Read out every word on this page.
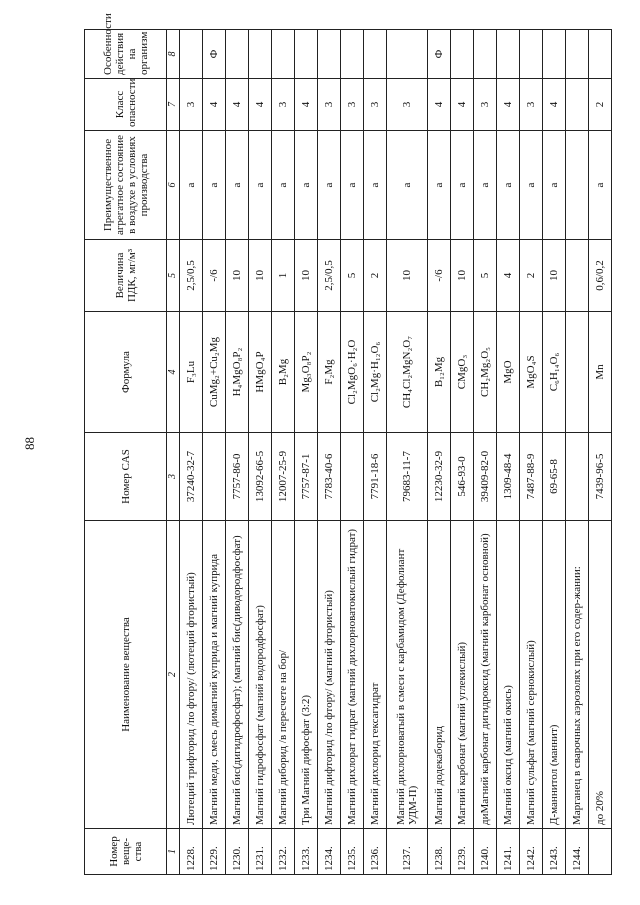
88
Номер веще-ства	Наименование вещества	Номер CAS	Формула	Величина ПДК, мг/м³	Преимущественное агрегатное состояние в воздухе в условиях производства	Класс опасности	Особенности действия на организм
1	2	3	4	5	6	7	8
1228.	Лютеций трифторид /по фтору/ (лютеций фтористый)	37240-32-7	F₃Lu	2,5/0,5	а	3	
1229.	Магний меди, смесь димагний куприда и магний куприда		CuMg₂+Cu₂Mg	-/6	а	4	Ф
1230.	Магний бис(дигидрофосфат); (магний бис(диводородфосфат)	7757-86-0	H₄MgO₈P₂	10	а	4	
1231.	Магний гидрофосфат (магний водородфосфат)	13092-66-5	HMgO₄P	10	а	4	
1232.	Магний диборид /в пересчете на бор/	12007-25-9	B₂Mg	1	а	3	
1233.	Три Магний дифосфат (3:2)	7757-87-1	Mg₃O₈P₂	10	а	4	
1234.	Магний дифторид /по фтору/ (магний фтористый)	7783-40-6	F₂Mg	2,5/0,5	а	3	
1235.	Магний дихлорат гидрат (магний дихлорноватокислый гидрат)		Cl₂MgO₆·H₂O	5	а	3	
1236.	Магний дихлорид гексагидрат	7791-18-6	Cl₂Mg·H₁₂O₆	2	а	3	
1237.	Магний дихлорноватый в смеси с карбамидом (Дефолиант УДМ-П)	79683-11-7	CH₄Cl₂MgN₂O₇	10	а	3	
1238.	Магний додекаборид	12230-32-9	B₁₂Mg	-/6	а	4	Ф
1239.	Магний карбонат (магний углекислый)	546-93-0	CMgO₃	10	а	4	
1240.	диМагний карбонат дигидроксид (магний карбонат основной)	39409-82-0	CH₂Mg₂O₅	5	а	3	
1241.	Магний оксид (магний окись)	1309-48-4	MgO	4	а	4	
1242.	Магний сульфат (магний сернокислый)	7487-88-9	MgO₄S	2	а	3	
1243.	Д-маннитол (маннит)	69-65-8	C₆H₁₄O₆	10	а	4	
1244.	Марганец в сварочных аэрозолях при его содер-жании:						
	до 20%	7439-96-5	Mn	0,6/0,2	а	2	
